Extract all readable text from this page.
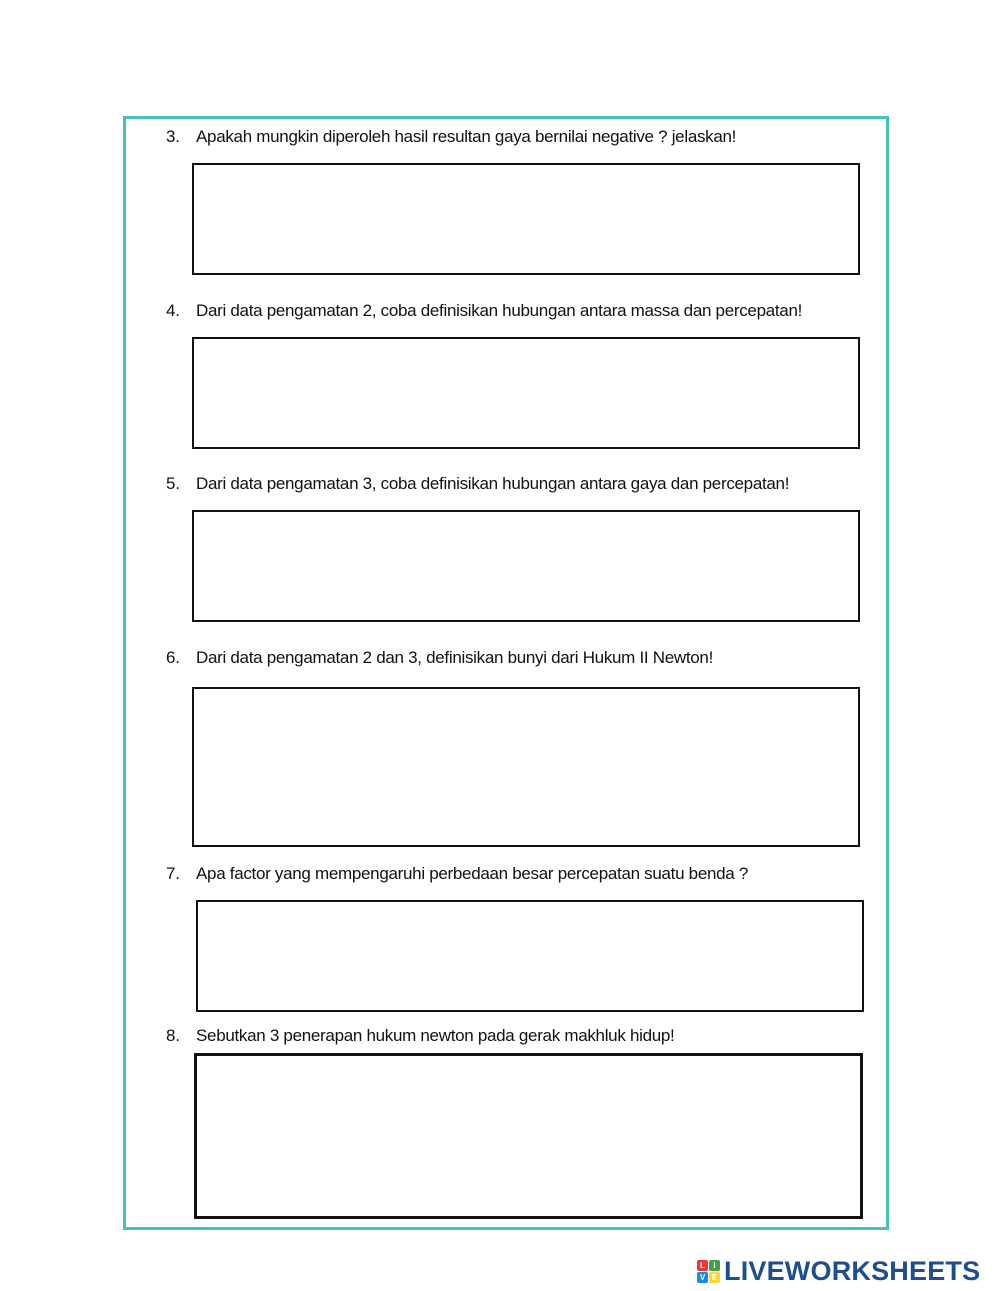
3. Apakah mungkin diperoleh hasil resultan gaya bernilai negative ? jelaskan!
4. Dari data pengamatan 2, coba definisikan hubungan antara massa dan percepatan!
5. Dari data pengamatan 3, coba definisikan hubungan antara gaya dan percepatan!
6. Dari data pengamatan 2 dan 3, definisikan bunyi dari Hukum II Newton!
7. Apa factor yang mempengaruhi perbedaan besar percepatan suatu benda ?
8. Sebutkan 3 penerapan hukum newton pada gerak makhluk hidup!
L	I
V E LIVEWORKSHEETS
